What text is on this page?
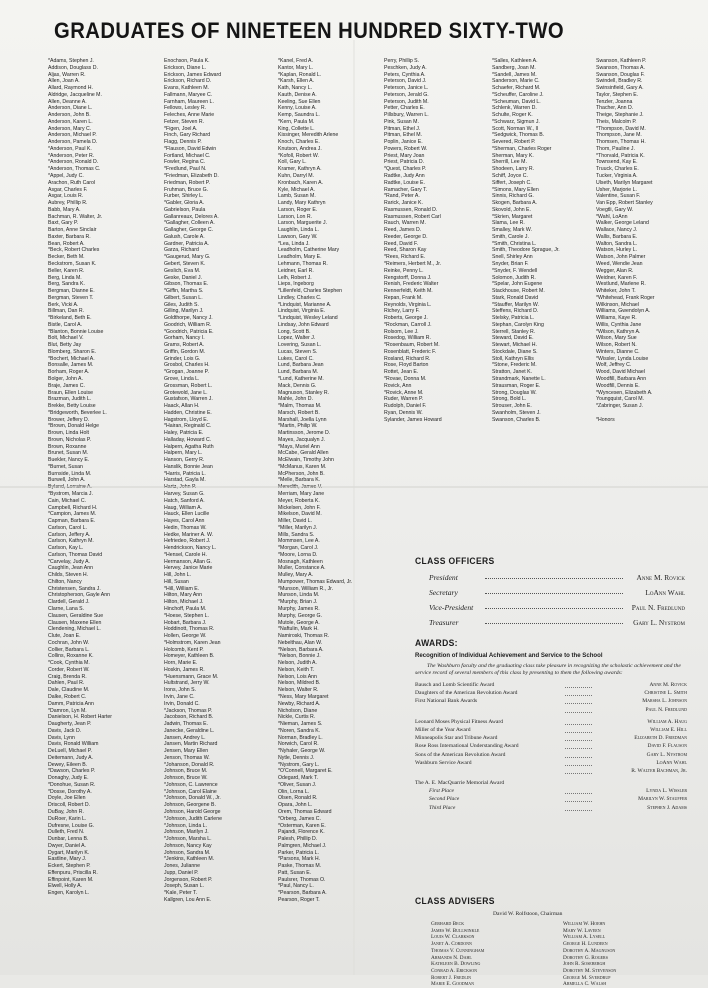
GRADUATES OF NINETEEN HUNDRED SIXTY-TWO
*Adams, Stephen J.
Addison, Douglass D.
Aljas, Warren R.
Allen, Joan A.
Allard, Raymond H.
Aldridge, Jacqueline M.
Allen, Deanne A.
Anderson, Diane L.
Anderson, John B.
Anderson, Karen L.
Anderson, Mary C.
Anderson, Michael P.
Anderson, Pamela D.
*Anderson, Paul K.
*Anderson, Peter R.
*Anderson, Ronald D.
*Anderson, Thomas C.
*Appel, Judy C.
Arachon, Ruth Carol
Asgar, Charles F.
Asgar, Louis R.
Aubrey, Phillip R.
Babb, Mary A.
Bachman, R. Walter, Jr.
Baxt, Gary P.
Barton, Anne Sinclair
Baxter, Barbara R.
Bean, Robert A.
*Beck, Robert Charles
Becker, Beth M.
Beckstrom, Susan K.
Beller, Karen R.
Berg, Linda M.
Berg, Sandra K.
Bergman, Dianne E.
Bergman, Steven T.
Berk, Vicki A.
Billman, Dan R.
*Birkeland, Beth E.
Bistle, Carol A.
*Blanton, Bonnie Louise
Bolt, Michael V.
Blut, Betty Jay
Blomberg, Sharon E.
*Bochert, Michael A.
Bonsalle, James M.
Borham, Roger A.
Bolger, John A.
Braje, James C.
Braun, Ellen Louise
Brazman, Judith L.
Brekke, Betty Louise
*Bridgeworth, Beverlee L.
Brower, Jeffery D.
*Brown, Donald Helge
Brown, Linda Holt
Brown, Nicholas P.
Brown, Roxanne
Brunet, Susan M.
Buekler, Nancy E.
*Burnet, Susan
Burnside, Linda M.
Burwell, John A.
Byland, Lorraine A.
*Bystrom, Marcia J.
Cain, Michael C.
Campbell, Richard H.
*Campion, James M.
Capman, Barbara E.
Carlson, Carol L.
Carlson, Jeffery A.
Carlson, Kathryn M.
Carlson, Kay L.
Carlson, Thomas David
*Carvelay, Judy A.
Caughlin, Jean Ann
Childs, Steven H.
Chilton, Nancy
Christensen, Sandra J.
Christopherson, Gayle Ann
Clardell, Gerald J.
Clarne, Lana S.
Clausen, Geraldine Sue
Clausen, Maxene Ellen
Clendening, Michael L.
Clute, Joan E.
Cochran, John W.
Collier, Barbara L.
Collins, Roxanne K.
*Cook, Cynthia M.
Corder, Robert W.
Craig, Brenda R.
Dahlen, Paul R.
Dale, Claudine M.
Dalke, Robert C.
Damm, Patricia Ann
*Damron, Lyn M.
Danielson, H. Robert Harter
Daugherty, Jean P.
Davis, Jack D.
Davis, Lynn
Davis, Ronald William
DeLuell, Michael P.
Deitemann, Judy A.
Dewey, Eileen B.
*Dawson, Charles P.
Donaghy, Judy E.
*Donohue, Susan R.
*Dosse, Dorothy A.
Doyle, Joe Ellen
Driscoll, Robert D.
DuBay, John R.
DuRoer, Karin L.
Dufresne, Louise G.
Dulleth, Fred N.
Dunbar, Lenna B.
Dwyer, Daniel A.
Dygart, Marilyn K.
Eastline, Mary J.
Eckert, Stephen P.
Effenpuru, Priscilla R.
Effinpoint, Karen M.
Elwell, Holly A.
Engen, Karolyn L.
Enochson, Paula K.
Erickson, Diane L.
Erickson, James Edward
Erickson, Richard D.
Evans, Kathleen M.
Fallmann, Maryee C.
Farnham, Maureen L.
Fellows, Lesley R.
Feleches, Anne Marie
Fetzer, Steven R.
*Figen, Joel A.
Finch, Gary Richard
Flagg, Dennis P.
*Flauson, David Edwin
Fortland, Michael C.
Fowler, Regina C.
*Fredlund, Paul N.
*Friedman, Elizabeth D.
Friedman, Robert P.
Fruhman, Bruce G.
Furber, Shirley L.
*Gabler, Gloria A.
Gabrielson, Paula
Gallanreaux, Delores A.
*Gallagher, Colleen A.
Gallagher, George C.
Galush, Carole A.
Gardner, Patricia A.
Garza, Richard
*Gaugerud, Mary G.
Gebert, Steven K.
Geslich, Eva M.
Geske, Daniel J.
Gibson, Thomas E.
*Giffin, Martha S.
Gilbert, Susan L.
Giles, Judith S.
Gilling, Marilyn J.
Goldthorpe, Nancy J.
Goodrich, William R.
*Goodrich, Patricia E.
Gorham, Nancy I.
Grams, Robert A.
Griffin, Gordon M.
Grinder, Lois G.
Grosbol, Charles H.
*Grogan, Joanne P.
Grove, Linda L.
Grossman, Robert L.
Grotewold, Jane L.
Gustafson, Warren J.
Haack, Allan H.
Hadden, Christine E.
Hagstrom, Lloyd E.
*Hairan, Reginald C.
Haley, Patricia E.
Halladay, Howard C.
Halpern, Agatha Ruth
Halpern, Mary L.
Hanson, Gerry R.
Hanslik, Bonnie Jean
*Harris, Patricia L.
Harstad, Gayla M.
Hartz, John P.
Harvey, Susan G.
Hatch, Sanford A.
Haug, William A.
Hauck, Ellen Lucille
Hayes, Carol Ann
Hedin, Thomas W.
Hedke, Mariner A. W.
Hefriedeo, Robert J.
Hendrickson, Nancy L.
*Hensel, Carole H.
Hermanson, Allan G.
Hervey, Janice Marie
Hill, John L.
Hill, Susan
*Hill, William E.
Hilton, Mary Ann
Hilton, Michael J.
Hinchoff, Paula M.
*Hoese, Stephen L.
Hobart, Barbara J.
Hoddinott, Thomas R.
Hollen, George W.
*Holmstrom, Karen Jean
Holcomb, Kent P.
Homeyer, Kathleen B.
Horn, Marie E.
Hoskin, James R.
*Huensmann, Grace M.
Hultstrand, Jerry W.
Irons, John S.
Irvin, Jane C.
Irvin, Donald C.
*Jackson, Thomas P.
Jacobson, Richard B.
Jadwin, Thomas E.
Janecke, Geraldine L.
Jansen, Andrey L.
Jansen, Martin Richard
Jensen, Mary Ellen
Jenson, Thomas W.
*Johanson, Donald R.
Johnson, Bruce M.
Johnson, Bruce W.
*Johnson, C. Lawrence
*Johnson, Carol Elaine
*Johnson, Donald W., Jr.
Johnson, Georgene B.
Johnson, Harold George
*Johnson, Judith Carlene
*Johnson, Linda L.
Johnson, Marilyn J.
*Johnson, Marsha L.
Johnson, Nancy Kay
Johnson, Sandra M.
*Jenkins, Kathleen M.
Jones, Julianne
Jupp, Daniel P.
Jorgenson, Robert P.
Joseph, Susan L.
*Kale, Peter T.
Kallgren, Lou Ann E.
*Kanel, Fred A.
Kantor, Mary L.
*Kaplan, Ronald L.
*Karsh, Ellen A.
Kath, Nancy L.
Kauth, Denise A.
Keeling, Sue Ellen
Kenny, Louise A.
Kemp, Saundra L.
*Kern, Paula M.
King, Collette L.
Kissinger, Meredith Arlene
Knoch, Charles E.
Knutson, Andrea J.
*Kofoll, Robert W.
Koll, Gary L.
Kramer, Kathryn A.
Kuhn, Darryl M.
Kronbach, Karen A.
Kyle, Michael A.
Lamb, Susan M.
Landy, Mary Kathryn
Larson, Roger E.
Larson, Lon R.
Larson, Marguerite J.
Laughlin, Linda L.
Lawson, Gary W.
*Lea, Linda J.
Leadholm, Catherine Mary
Leadholm, Mary E.
Lehmann, Thomas R.
Leidner, Earl R.
Lelh, Robert J.
Lieps, Ingeborg
*Lillenfeld, Charles Stephen
Lindley, Charles C.
*Lindquist, Marianne A.
Lindquist, Virginia E.
*Lindquist, Wesley Leland
Lindsay, John Edward
Long, Scott B.
Lopez, Walter J.
Lovering, Susan L.
Lucas, Steven S.
Lukes, Carol C.
Lund, Barbara Jean
Lund, Barbara M.
*Lund, Katherine M.
Mack, Dennis G.
Magnuson, Stanley R.
Mahle, John D.
*Malm, Thomas M.
Marsch, Robert B.
Marshall, Joella Lynn
*Martin, Philip W.
Martinsson, Jerome D.
Mayes, Jacqualyn J.
*Mays, Muriel Ann
McCabe, Gerald Allen
McElwain, Timothy John
*McManus, Karen M.
McPherson, John B.
*Melle, Barbara K.
Meredith, James V.
Merriam, Mary Jane
Meyer, Roberta K.
Mickelsen, John F.
Mikelson, David M.
Miller, David L.
*Miller, Marilyn J.
Mills, Sandra S.
Mommsen, Lee A.
*Morgan, Carol J.
*Moore, Lorna D.
Mosnagh, Kathleen
Muller, Constance A.
Mulley, Mary A.
Mumpower, Thomas Edward, Jr.
*Munson, William R., Jr.
Munson, Linda M.
*Murphy, Brian J.
Murphy, James R.
Murphy, George G.
Mutole, George A.
*Naftulin, Mark H.
Namiroski, Thomas R.
Nebelthau, Alan W.
*Nelson, Barbara A.
*Nelson, Bonnie J.
Nelson, Judith A.
Nelson, Keith T.
Nelson, Lois Ann
Nelson, Mildred B.
Nelson, Walter R.
*Ness, Mary Margaret
Newby, Richard A.
Nicholson, Diane
Nickle, Curtis R.
*Nieman, James S.
*Noren, Sandra K.
Norman, Bradley L.
Norwich, Carol R.
*Nyhaler, George W.
Nytle, Dennis J.
*Nystrom, Gary L.
*O'Connell, Margaret E.
Odegard, Mark T.
*Oliver, Susan J.
Olin, Lorna L.
Olsen, Ronald R.
Opara, John L.
Orem, Thomas Edward
*Orberg, James C.
*Osterman, Karen E.
Pajandi, Florence K.
Palesh, Phillip D.
Palmgren, Michael J.
Parker, Patricia L.
*Parsons, Mark H.
Paske, Thomas M.
Patt, Susan E.
Paulsrer, Thomas O.
*Paul, Nancy L.
*Pearson, Barbara A.
Pearson, Roger T.
Perry, Phillip S.
Peschken, Judy A.
Peters, Cynthia A.
Peterson, David J.
Peterson, Janice L.
Peterson, Jerald G.
Peterson, Judith M.
Petter, Charles E.
Pillsbury, Warren L.
Pink, Susan M.
Pitman, Ethel J.
Pitman, Ethel M.
Poplin, Janice E.
Powers, Robert W.
Priest, Mary Joan
Priest, Patricia D.
*Quest, Charles P.
Radtke, Judy Ann
Radtke, Louise E.
Ramacher, Gary T.
*Rand, Peter A.
Rarick, Janice K.
Rasmussen, Ronald D.
Rasmussen, Robert Carl
Rauch, Warren M.
Reed, James D.
Reeder, George D.
Reed, David F.
Reed, Sharon Kay
*Rees, Richard E.
*Reimers, Herbert M., Jr.
Reinke, Penny L.
Rengstorff, Donna J.
Renish, Frederic Walter
Rennerfeldt, Keith M.
Repan, Frank M.
Reynolds, Virginia L.
Richey, Larry F.
Roberts, George J.
*Rockman, Carroll J.
Rolsom, Lee J.
Rosedog, William R.
*Rosenbaum, Robert M.
Rosenblatt, Frederic F.
Rosland, Richard R.
Rose, Floyd Barton
Rottet, Jean E.
*Rovae, Donna M.
Rovick, Ann
*Rovick, Anne M.
Ruder, Warren P.
Rudolph, Daniel F.
Ryan, Dennis W.
Sylander, James Howard
*Salles, Kathleen A.
Sandberg, Joan M.
*Sandell, James M.
Sanderson, Marie C.
Schaefer, Richard M.
*Scheuffer, Caroline J.
*Scheuman, David L.
Schlenk, Warren D.
Schulte, Roger K.
*Schwarz, Sigmun J.
Scott, Norman W., II
*Sedgwick, Thomas B.
Severed, Robert P.
*Sherman, Charles Roger
Sherman, Mary K.
Sherrill, Lee M.
Shodeen, Larry R.
Schiff, Joyce C.
Siffert, Joseph C.
*Simons, Mary Ellen
Sinnis, Richard G.
Skogen, Barbara A.
Skovold, John E.
*Skrien, Margaret
Slama, Lee R.
Smalley, Mark W.
Smith, Carole J.
*Smith, Christina L.
Smith, Theodore Sprague, Jr.
Snell, Shirley Ann
Snyder, Brian F.
*Snyder, F. Wendell
Solomon, Judith R.
*Spelar, John Eugene
Stackhouse, Robert M.
Stark, Ronald David
*Stauffer, Marilyn W.
Steffens, Richard D.
Stelsky, Patricia L.
Stephan, Carolyn King
Sterrell, Stanley R.
Steward, David E.
Stewart, Michael H.
Stockdale, Diane S.
Stoll, Kathryn Ellis
*Stone, Frederic M.
Stratton, Janet K.
Strandmark, Nanette L.
Strausman, Roger E.
Strong, Douglas W.
Strong, Bold L.
Strouser, John E.
Swanholm, Steven J.
Swanson, Charles B.
Swanson, Kathleen P.
Swanson, Thomas A.
Swanson, Douglas F.
Swindell, Bradley R.
Swinsinfield, Gary A.
Taylor, Stephen E.
Tenzler, Joanna
Thacher, Ann D.
Theige, Stephanie J.
Theis, Malcolm P.
*Thompson, David M.
Thompson, Jane M.
Thomsen, Thomas H.
Thom, Pauline J.
*Thorvald, Patricia K.
Townsend, Kay E.
Truuck, Charles E.
Tucker, Virginia A.
Ulseth, Marilyn Margaret
Usher, Marjorie L.
Valentine, Susan F.
Van Epp, Robert Stanley
Voegtli, Gary W.
*Wahl, LoAnn
Walker, George Leland
Wallace, Nancy J.
Wallis, Barbara E.
Walton, Sandra L.
Watson, Hurley L.
Watson, John Palmer
Weed, Wendie Jean
Wegger, Alan R.
Weidner, Karen F.
Westlund, Marlene R.
Whiteker, John T.
*Whitehead, Frank Roger
Wilkinson, Michael
Williams, Gwendolyn A.
Williams, Kaye R.
Willis, Cynthia Jane
*Wilson, Kathryn A.
Wilson, Mary Sue
Wilson, Robert N.
Winters, Dianne C.
*Wissler, Lynda Louise
Wolf, Jeffrey C.
Wood, David Michael
Woodfill, Barbara Ann
Woodfill, Dennis E.
*Wyncesen, Elizabeth A.
Youngquist, Carol M.
*Zabringer, Susan J.
*Honors
CLASS OFFICERS
President	Anne M. Rovick
Secretary	LoAnn Wahl
Vice-President	Paul N. Fredlund
Treasurer	Gary L. Nystrom
AWARDS:
Recognition of Individual Achievement and Service to the School
The Washburn faculty and the graduating class take pleasure in recognizing the scholastic achievement and the service record of several members of this class by presenting to them the following awards:
Bausch and Lomb Scientific Award	Anne M. Rovick
Daughters of the American Revolution Award	Christine L. Smith
First National Bank Awards	Marsha L. Johnson
Paul N. Fredlund
Leonard Moses Physical Fitness Award	William A. Haug
Miller of the Year Award	William E. Hill
Minneapolis Star and Tribune Award	Elizabeth D. Friedman
Rose Ross International Understanding Award	David F. Flauson
Sons of the American Revolution Award	Gary L. Nystrom
Washburn Service Award	LoAnn Wahl
R. Walter Bachman, Jr.
The A. E. MacQuarrie Memorial Award
First Place	Lynda L. Wissler
Second Place	Marilyn W. Stauffer
Third Place	Stephen J. Adams
CLASS ADVISERS
David W. Rolfstoon, Chairman
Gerhard Beck
James W. Bullwinkle
Louis W. Clarkson
Janet A. Cordonn
Thomas V. Cunningham
Armands N. Dahl
Kathleen B. Dowling
Conrad A. Erickson
Robert J. Fredlin
Marie E. Goodman
William W. Hoehn
Mary W. Laveen
William A. Lysell
George H. Lundeen
Dorothy A. Magnuson
Dorothy G. Rogers
John R. Sosebergh
Dorothy M. Stevenson
George M. Sverdrup
Armella C. Walsh
